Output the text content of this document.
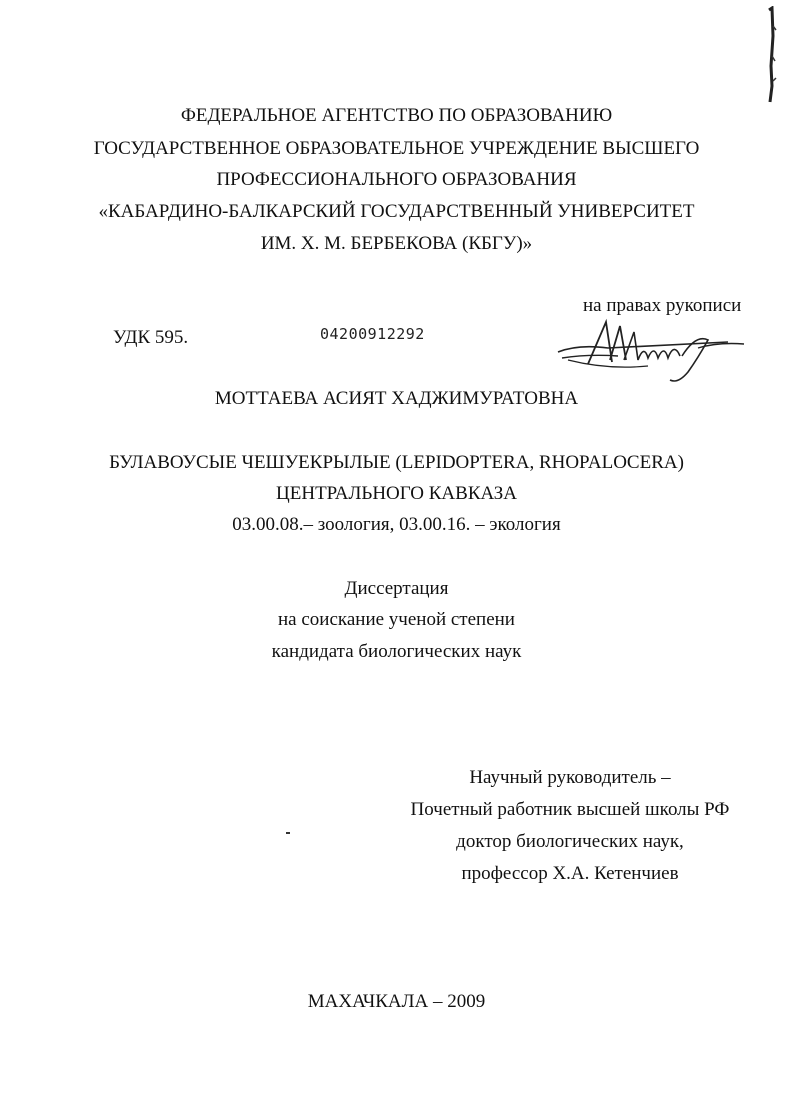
ФЕДЕРАЛЬНОЕ АГЕНТСТВО ПО ОБРАЗОВАНИЮ
ГОСУДАРСТВЕННОЕ ОБРАЗОВАТЕЛЬНОЕ УЧРЕЖДЕНИЕ ВЫСШЕГО
ПРОФЕССИОНАЛЬНОГО ОБРАЗОВАНИЯ
«КАБАРДИНО-БАЛКАРСКИЙ ГОСУДАРСТВЕННЫЙ УНИВЕРСИТЕТ
ИМ. Х. М. БЕРБЕКОВА (КБГУ)»
на правах рукописи
УДК 595.	04200912292
МОТТАЕВА АСИЯТ ХАДЖИМУРАТОВНА
БУЛАВОУСЫЕ ЧЕШУЕКРЫЛЫЕ (LEPIDOPTERA, RHOPALOCERA)
ЦЕНТРАЛЬНОГО КАВКАЗА
03.00.08.– зоология, 03.00.16. – экология
Диссертация
на соискание ученой степени
кандидата биологических наук
Научный руководитель –
Почетный работник высшей школы РФ
доктор биологических наук,
профессор Х.А. Кетенчиев
МАХАЧКАЛА – 2009
